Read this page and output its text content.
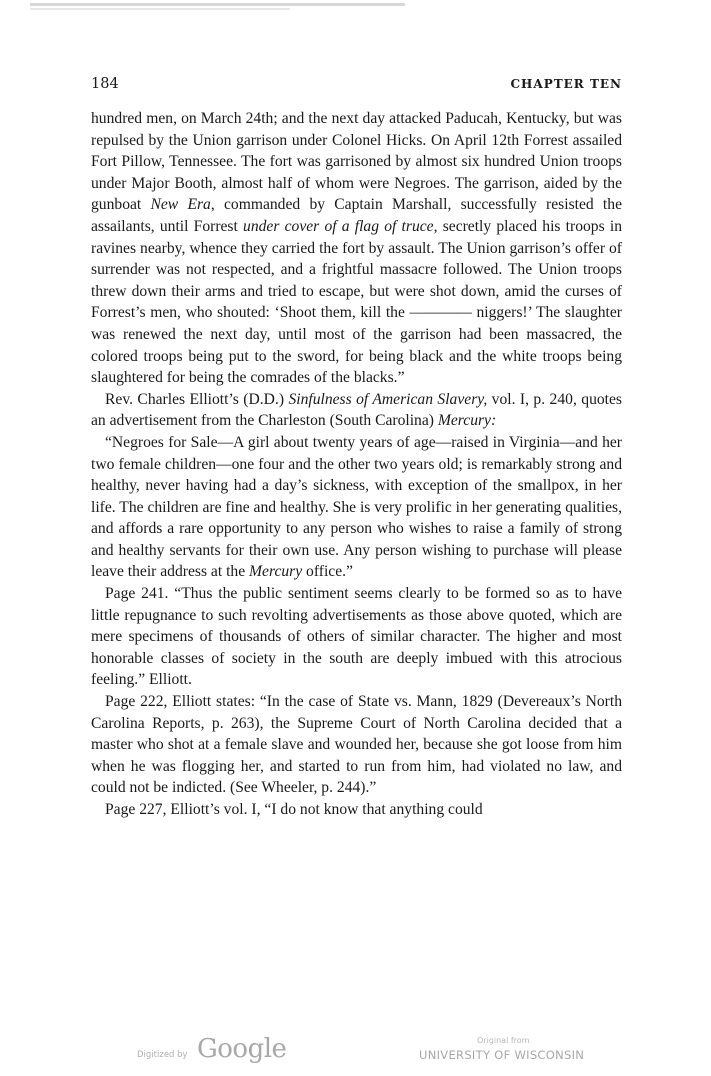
184	CHAPTER TEN

hundred men, on March 24th; and the next day attacked Paducah, Kentucky, but was repulsed by the Union garrison under Colonel Hicks. On April 12th Forrest assailed Fort Pillow, Tennessee. The fort was garrisoned by almost six hundred Union troops under Major Booth, almost half of whom were Negroes. The garrison, aided by the gunboat New Era, commanded by Captain Marshall, successfully resisted the assailants, until Forrest under cover of a flag of truce, secretly placed his troops in ravines nearby, whence they carried the fort by assault. The Union garrison’s offer of surrender was not respected, and a frightful massacre followed. The Union troops threw down their arms and tried to escape, but were shot down, amid the curses of Forrest’s men, who shouted: ‘Shoot them, kill the ———— niggers!’ The slaughter was renewed the next day, until most of the garrison had been massacred, the colored troops being put to the sword, for being black and the white troops being slaughtered for being the comrades of the blacks.”

Rev. Charles Elliott’s (D.D.) Sinfulness of American Slavery, vol. I, p. 240, quotes an advertisement from the Charleston (South Carolina) Mercury:

“Negroes for Sale—A girl about twenty years of age—raised in Virginia—and her two female children—one four and the other two years old; is remarkably strong and healthy, never having had a day’s sickness, with exception of the smallpox, in her life. The children are fine and healthy. She is very prolific in her generating qualities, and affords a rare opportunity to any person who wishes to raise a family of strong and healthy servants for their own use. Any person wishing to purchase will please leave their address at the Mercury office.”

Page 241. “Thus the public sentiment seems clearly to be formed so as to have little repugnance to such revolting advertisements as those above quoted, which are mere specimens of thousands of others of similar character. The higher and most honorable classes of society in the south are deeply imbued with this atrocious feeling.” Elliott.

Page 222, Elliott states: “In the case of State vs. Mann, 1829 (Devereaux’s North Carolina Reports, p. 263), the Supreme Court of North Carolina decided that a master who shot at a female slave and wounded her, because she got loose from him when he was flogging her, and started to run from him, had violated no law, and could not be indicted. (See Wheeler, p. 244).”

Page 227, Elliott’s vol. I, “I do not know that anything could

Digitized by Google	Original from
UNIVERSITY OF WISCONSIN
